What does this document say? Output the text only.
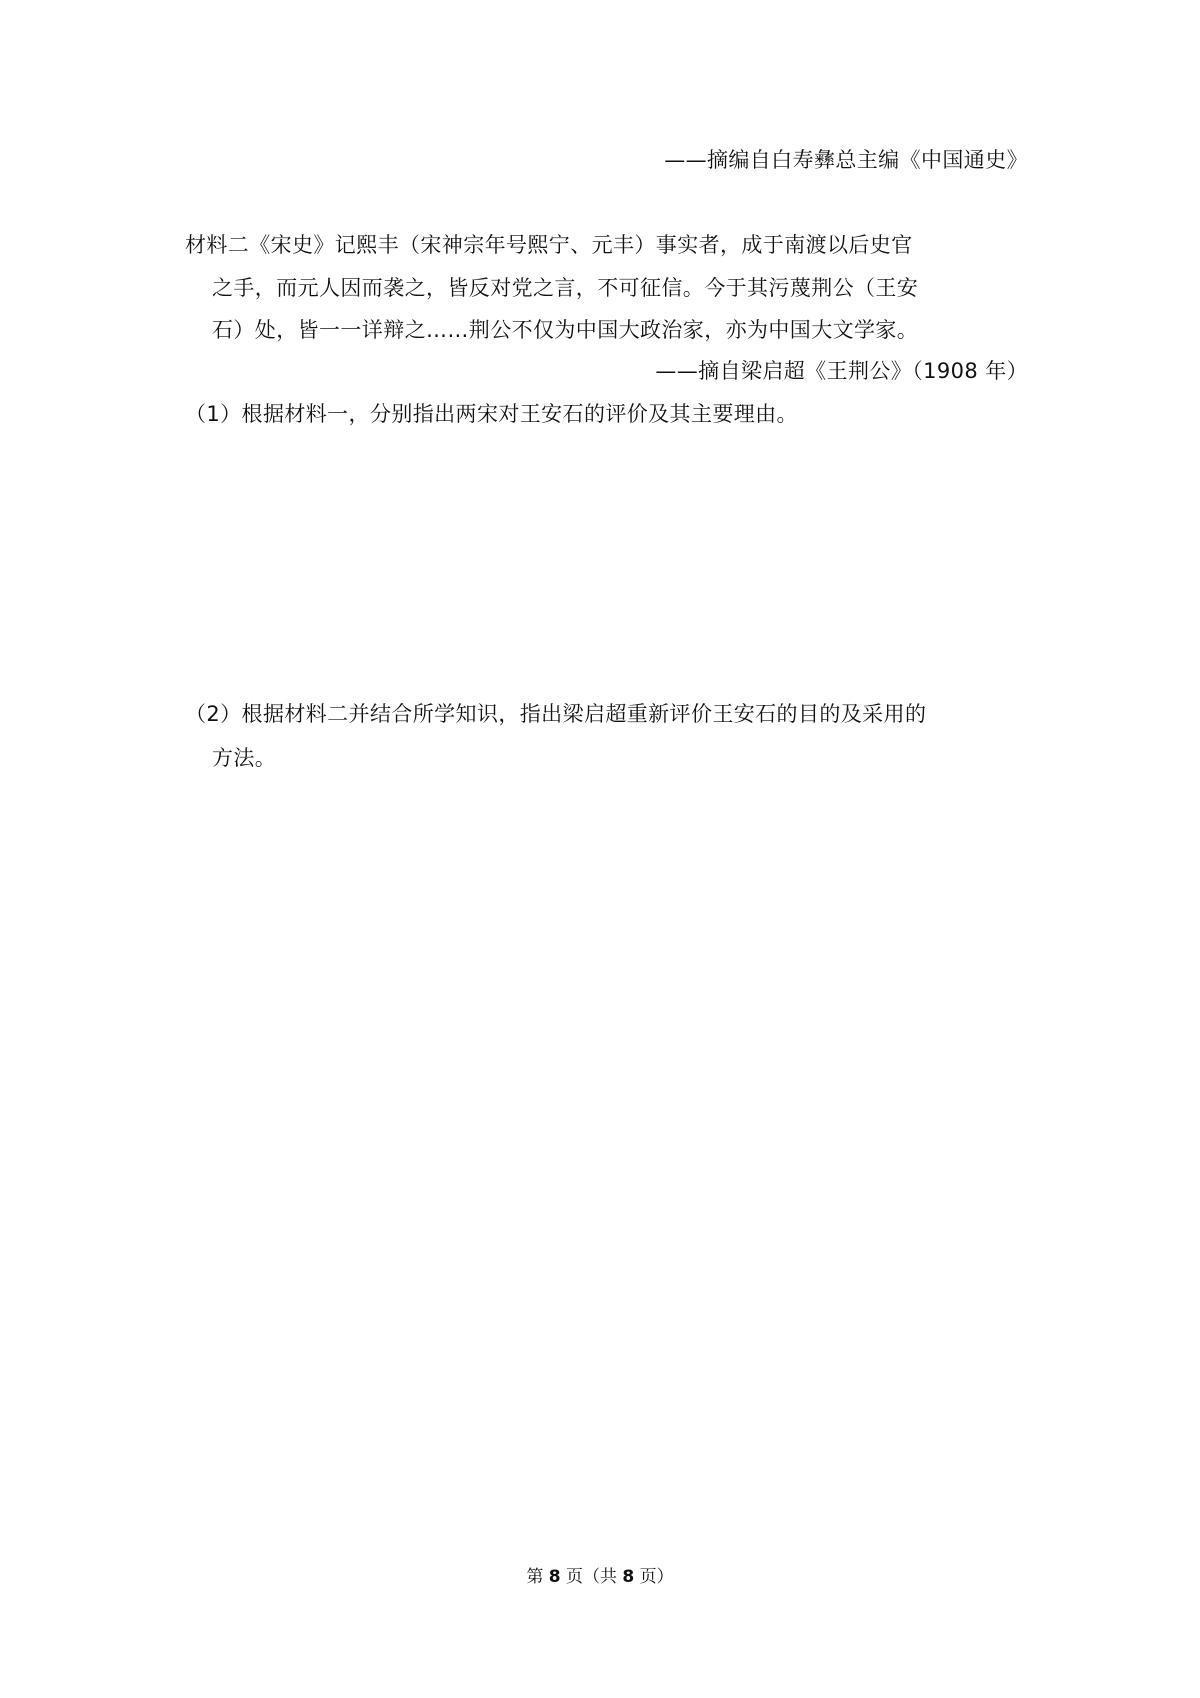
——摘编自白寿彝总主编《中国通史》
材料二《宋史》记熙丰（宋神宗年号熙宁、元丰）事实者，成于南渡以后史官
之手，而元人因而袭之，皆反对党之言，不可征信。今于其污蔑荆公（王安
石）处，皆一一详辩之……荆公不仅为中国大政治家，亦为中国大文学家。
——摘自梁启超《王荆公》（1908 年）
（1）根据材料一，分别指出两宋对王安石的评价及其主要理由。
（2）根据材料二并结合所学知识，指出梁启超重新评价王安石的目的及采用的
方法。
第 8 页（共 8 页）
